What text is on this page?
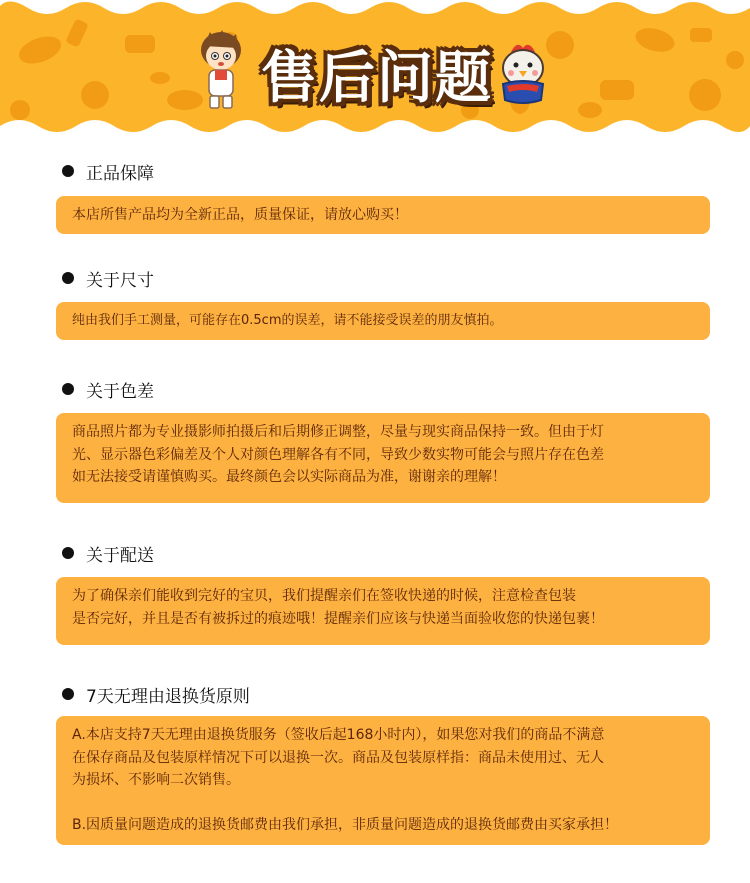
售后问题
正品保障

本店所售产品均为全新正品，质量保证，请放心购买！

关于尺寸

纯由我们手工测量，可能存在0.5cm的误差，请不能接受误差的朋友慎拍。

关于色差

商品照片都为专业摄影师拍摄后和后期修正调整，尽量与现实商品保持一致。但由于灯

光、显示器色彩偏差及个人对颜色理解各有不同，导致少数实物可能会与照片存在色差

如无法接受请谨慎购买。最终颜色会以实际商品为准，谢谢亲的理解！

关于配送

为了确保亲们能收到完好的宝贝，我们提醒亲们在签收快递的时候，注意检查包装

是否完好，并且是否有被拆过的痕迹哦！提醒亲们应该与快递当面验收您的快递包裹！

7天无理由退换货原则

A.本店支持7天无理由退换货服务（签收后起168小时内），如果您对我们的商品不满意

在保存商品及包装原样情况下可以退换一次。商品及包装原样指：商品未使用过、无人

为损坏、不影响二次销售。

B.因质量问题造成的退换货邮费由我们承担，非质量问题造成的退换货邮费由买家承担！
